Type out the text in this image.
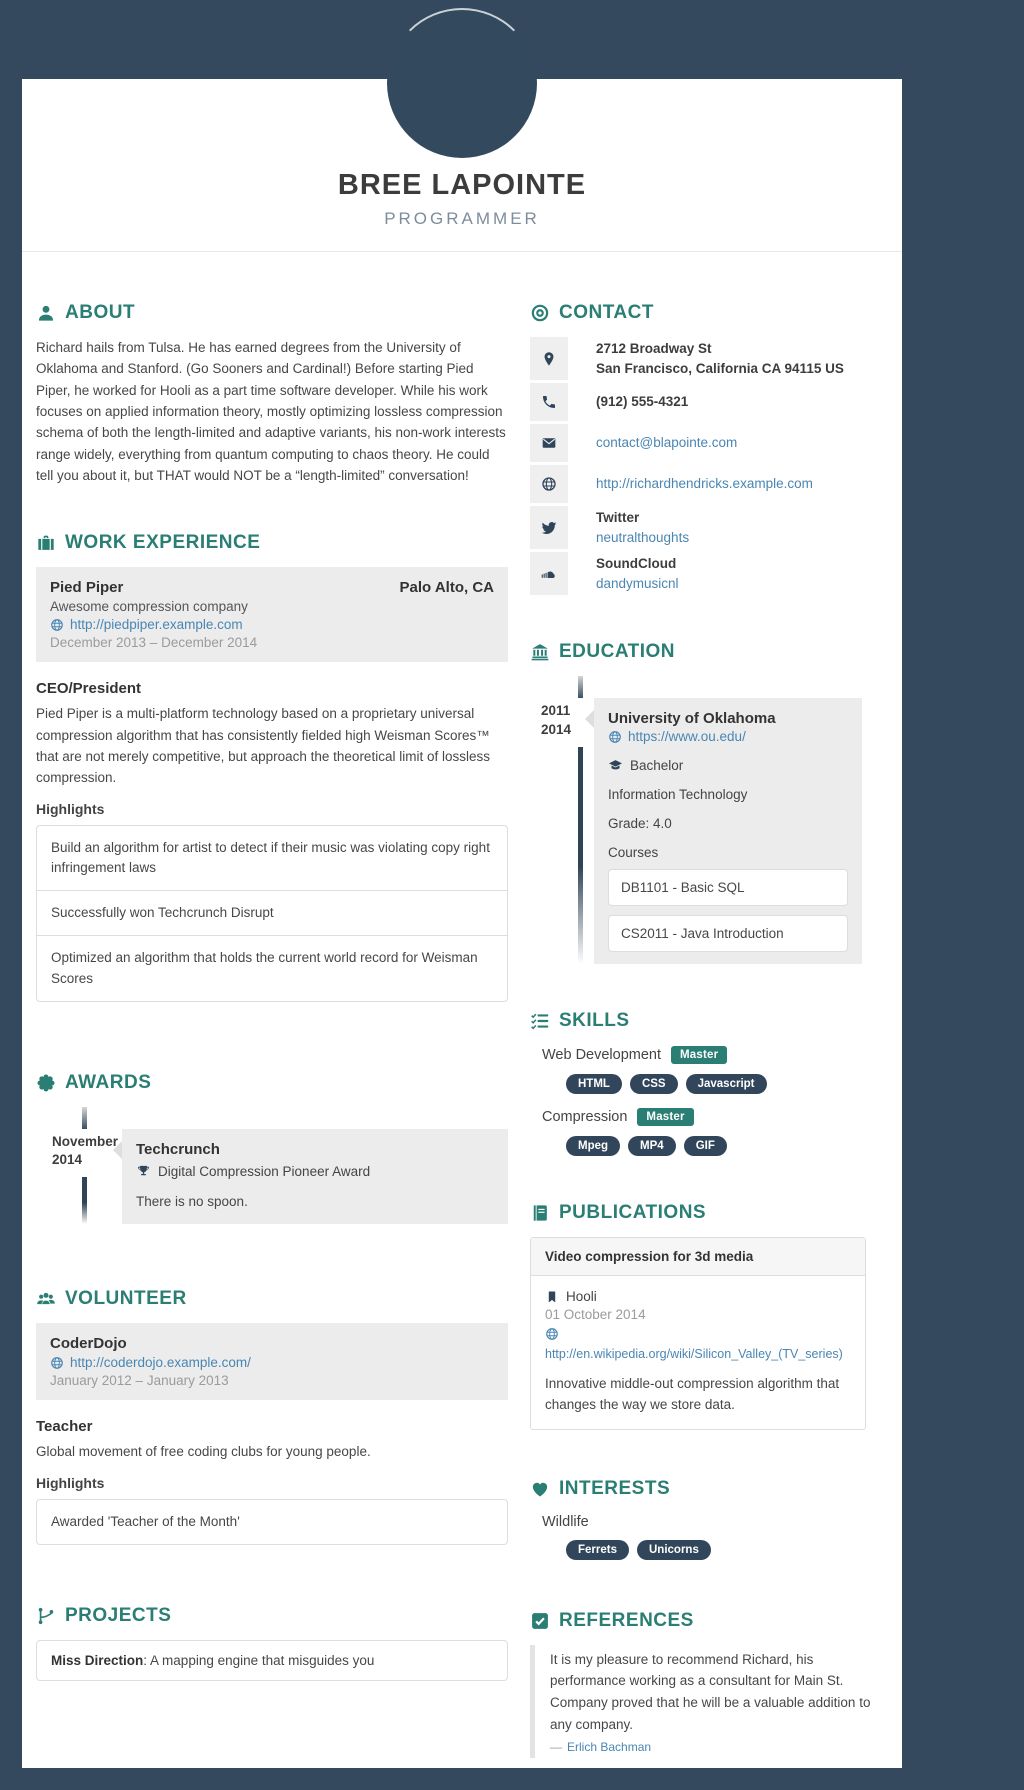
BREE LAPOINTE
PROGRAMMER
ABOUT

Richard hails from Tulsa. He has earned degrees from the University of Oklahoma and Stanford. (Go Sooners and Cardinal!) Before starting Pied Piper, he worked for Hooli as a part time software developer. While his work focuses on applied information theory, mostly optimizing lossless compression schema of both the length-limited and adaptive variants, his non-work interests range widely, everything from quantum computing to chaos theory. He could tell you about it, but THAT would NOT be a “length-limited” conversation!

WORK EXPERIENCE
Pied Piper	Palo Alto, CA
Awesome compression company
http://piedpiper.example.com
December 2013 – December 2014
CEO/President

Pied Piper is a multi-platform technology based on a proprietary universal compression algorithm that has consistently fielded high Weisman Scores™ that are not merely competitive, but approach the theoretical limit of lossless compression.

Highlights
Build an algorithm for artist to detect if their music was violating copy right infringement laws
Successfully won Techcrunch Disrupt
Optimized an algorithm that holds the current world record for Weisman Scores
AWARDS
November
2014
Techcrunch
Digital Compression Pioneer Award

There is no spoon.

VOLUNTEER
CoderDojo
http://coderdojo.example.com/
January 2012 – January 2013
Teacher

Global movement of free coding clubs for young people.

Highlights
Awarded 'Teacher of the Month'
PROJECTS
Miss Direction: A mapping engine that misguides you
CONTACT
2712 Broadway St
San Francisco, California CA 94115 US
(912) 555-4321
contact@blapointe.com
http://richardhendricks.example.com
Twitter
neutralthoughts
SoundCloud
dandymusicnl
EDUCATION
2011
2014
University of Oklahoma
https://www.ou.edu/
Bachelor
Information Technology
Grade: 4.0
Courses
DB1101 - Basic SQL
CS2011 - Java Introduction
SKILLS
Web Development	Master
HTML	CSS	Javascript
Compression	Master
Mpeg	MP4	GIF
PUBLICATIONS
Video compression for 3d media
Hooli
01 October 2014
http://en.wikipedia.org/wiki/Silicon_Valley_(TV_series)
Innovative middle-out compression algorithm that changes the way we store data.
INTERESTS
Wildlife
Ferrets	Unicorns
REFERENCES
It is my pleasure to recommend Richard, his performance working as a consultant for Main St. Company proved that he will be a valuable addition to any company.
— Erlich Bachman
